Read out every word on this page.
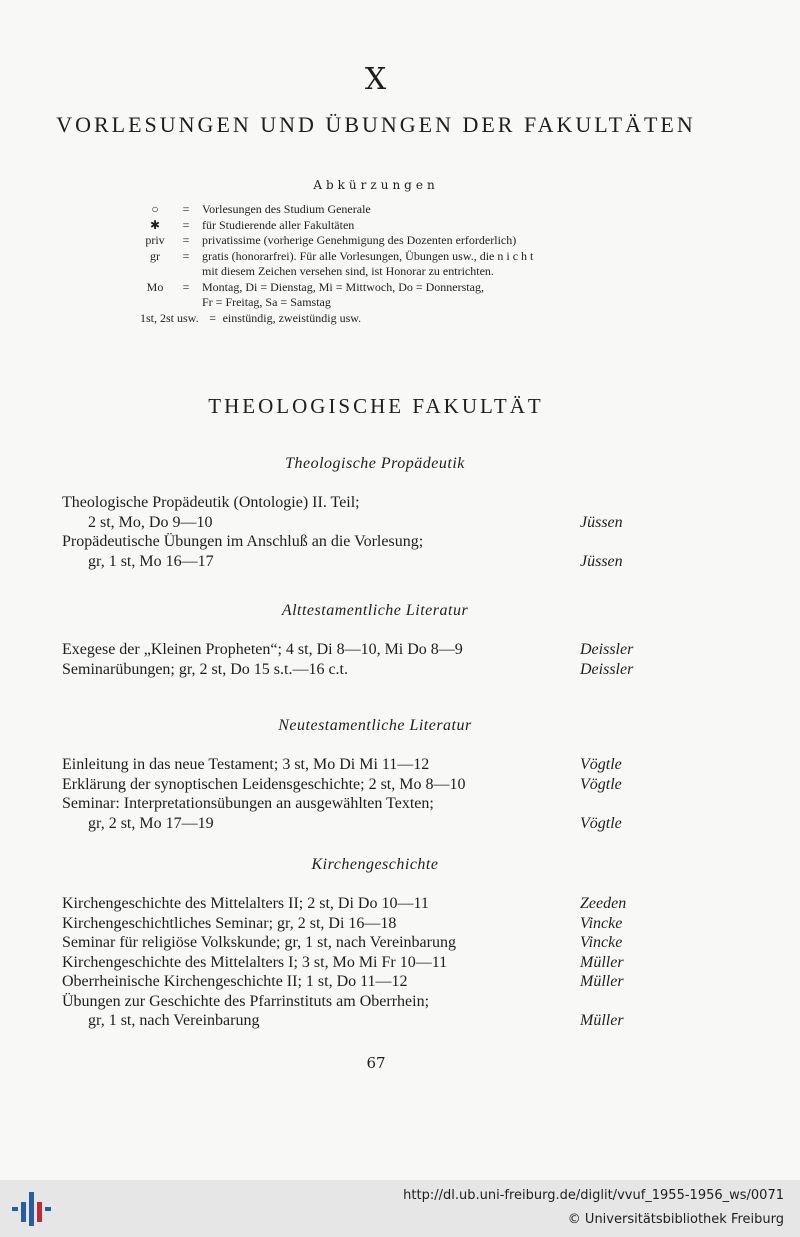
X
VORLESUNGEN UND ÜBUNGEN DER FAKULTÄTEN
Abkürzungen
○	=	Vorlesungen des Studium Generale
✱	=	für Studierende aller Fakultäten
priv	=	privatissime (vorherige Genehmigung des Dozenten erforderlich)
gr	=	gratis (honorarfrei). Für alle Vorlesungen, Übungen usw., die n i c h t
mit diesem Zeichen versehen sind, ist Honorar zu entrichten.
Mo	=	Montag, Di = Dienstag, Mi = Mittwoch, Do = Donnerstag,
Fr = Freitag, Sa = Samstag
1st, 2st usw. = einstündig, zweistündig usw.
THEOLOGISCHE FAKULTÄT
Theologische Propädeutik
Theologische Propädeutik (Ontologie) II. Teil;
2 st, Mo, Do 9—10	Jüssen
Propädeutische Übungen im Anschluß an die Vorlesung;
gr, 1 st, Mo 16—17	Jüssen
Alttestamentliche Literatur
Exegese der „Kleinen Propheten“; 4 st, Di 8—10, Mi Do 8—9	Deissler
Seminarübungen; gr, 2 st, Do 15 s.t.—16 c.t.	Deissler
Neutestamentliche Literatur
Einleitung in das neue Testament; 3 st, Mo Di Mi 11—12	Vögtle
Erklärung der synoptischen Leidensgeschichte; 2 st, Mo 8—10	Vögtle
Seminar: Interpretationsübungen an ausgewählten Texten;
gr, 2 st, Mo 17—19	Vögtle
Kirchengeschichte
Kirchengeschichte des Mittelalters II; 2 st, Di Do 10—11	Zeeden
Kirchengeschichtliches Seminar; gr, 2 st, Di 16—18	Vincke
Seminar für religiöse Volkskunde; gr, 1 st, nach Vereinbarung	Vincke
Kirchengeschichte des Mittelalters I; 3 st, Mo Mi Fr 10—11	Müller
Oberrheinische Kirchengeschichte II; 1 st, Do 11—12	Müller
Übungen zur Geschichte des Pfarrinstituts am Oberrhein;
gr, 1 st, nach Vereinbarung	Müller
67
http://dl.ub.uni-freiburg.de/diglit/vvuf_1955-1956_ws/0071
© Universitätsbibliothek Freiburg
